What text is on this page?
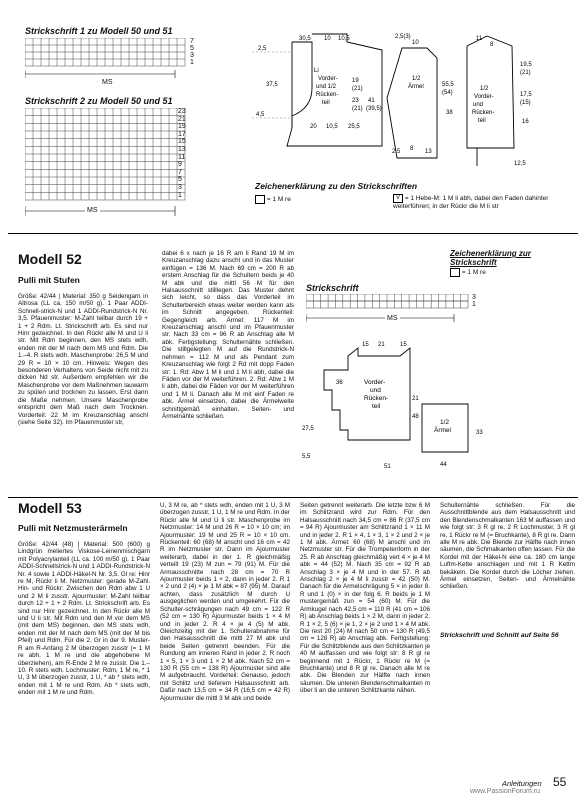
Strickschrift 1 zu Modell 50 und 51
7
5
3
1
MS
Strickschrift 2 zu Modell 50 und 51
23
21
19
17
15
13
11
9
7
5
3
1
MS
30,5 10 10,5
2,5
37,5
4,5
20 10,5 25,5
19
(21)
23
(21)
41
(39,5)
2,5(3)
10
55,5
(54)
2,5 8 13
8
11
19,5
(21)
17,5
(15)
38
16
12,5
Li
Vorder-
und 1/2
Rücken-
teil
1/2
Ärmel	1/2
Vorder-
und
Rücken-
teil
Zeichenerklärung zu den Strickschriften
= 1 M re	V = 1 Hebe-M: 1 M li abh, dabei den Faden dahinter weiterführen; in der Rückr die M li str
Modell 52
Pulli mit Stufen
Größe: 42/44 | Material: 350 g Seidengarn in Altrosa (LL ca. 150 m/50 g). 1 Paar ADDI-Schnell-strick-N und 1 ADDI-Rundstrick-N Nr. 3,5. Pfauenmuster: M-Zahl teilbar durch 19 + 1 + 2 Rdm. Lt. Strickschrift arb. Es sind nur Hinr gezeichnet. In den Rückr alle M und U li str. Mit Rdm beginnen, den MS stets wdh, enden mit der M nach dem MS und Rdm. Die 1.–4. R stets wdh. Maschenprobe: 26,5 M und 29 R = 10 × 10 cm. Hinweis: Wegen des besonderen Verhaltens von Seide nicht mit zu dicken Nd str. Außerdem empfehlen wir die Maschenprobe vor dem Maßnehmen lauwarm zu spülen und trocknen zu lassen. Erst dann die Maße nehmen. Unsere Maschenprobe entspricht dem Maß nach dem Trocknen. Vorderteil: 22 M im Kreuzanschlag anschl (siehe Seite 32). Im Pfauenmuster str,
dabei 6 x nach je 16 R am li Rand 19 M im Kreuzanschlag dazu anschl und in das Muster einfügen = 136 M. Nach 69 cm = 200 R ab erstem Anschlag für die Schultern beids je 40 M abk und die mittl 56 M für den Halsausschnitt stilllegen. Das Muster dehnt sich leicht, so dass das Vorderteil im Schulterbereich etwas weiter werden kann als im Schnitt angegeben. Rückenteil: Gegengleich arb. Ärmel: 117 M im Kreuzanschlag anschl und im Pfauenmuster str. Nach 33 cm = 96 R ab Anschlag alle M abk. Fertigstellung: Schulternähte schließen. Die stillgelegten M auf die Rundstrick-N nehmen = 112 M und als Pendant zum Kreuzanschlag wie folgt 2 Rd mit dopp Faden str: 1. Rd: Abw 1 M li und 1 M li abh, dabei die Fäden vor der M weiterführen. 2. Rd: Abw 1 M li abh, dabei die Fäden vor der M weiterführen und 1 M li. Danach alle M mit einf Faden re abk. Ärmel einsetzen, dabei die Ärmelweite schnittgemäß einhalten. Seiten- und Ärmelnähte schließen.
Zeichenerklärung zur Strickschrift
= 1 M re
Strickschrift
3
1
MS
15 21	15
36
27,5
5,5
21
48
51
33
44
Vorder-
und
Rücken-
teil
1/2
Ärmel
Modell 53
Pulli mit Netzmusterärmeln
Größe: 42/44 (48) | Material: 500 (600) g Lindgrün meliertes Viskose-Leinenmischgarn mit Polyacrylanteil (LL ca. 100 m/50 g). 1 Paar ADDI-Schnellstrick-N und 1 ADDI-Rundstrick-N Nr. 4 sowie 1 ADDI-Häkel-N Nr. 3,5. Gl re: Hinr re M, Rückr li M. Netzmuster: gerade M-Zahl. Hin- und Rückr: Zwischen den Rdm abw 1 U und 2 M li zusstr. Ajourmuster: M-Zahl teilbar durch 12 + 1 + 2 Rdm. Lt. Strickschrift arb. Es sind nur Hinr gezeichnet. In den Rückr alle M und U li str. Mit Rdm und den M vor dem MS (mit dem MS) beginnen, den MS stets wdh, enden mit der M nach dem MS (mit der M bis Pfeil) und Rdm. Für die 2. Gr in der 9. Muster-R am R-Anfang 2 M überzogen zusstr (= 1 M re abh, 1 M re und die abgehobene M überziehen), am R-Ende 2 M re zusstr. Die 1.–10. R stets wdh. Lochmuster: Rdm, 1 M re, * 1 U, 3 M überzogen zusstr, 1 U, * ab * stets wdh, enden mit 1 M re und Rdm. Ab * stets wdh, enden mit 1 M re und Rdm.
U, 3 M re, ab * stets wdh, enden mit 1 U, 3 M überzogen zusstr, 1 U, 1 M re und Rdm. In der Rückr alle M und U li str. Maschenprobe im Netzmuster: 14 M und 26 R = 10 × 10 cm; im Ajourmuster: 19 M und 25 R = 10 × 10 cm. Rückenteil: 60 (68) M anschl und 16 cm = 42 R im Netzmuster str. Dann im Ajourmuster weiterarb, dabei in der 1. R gleichmäßig verteilt 19 (23) M zun = 79 (91) M. Für die Armausschnitte nach 28 cm = 70 R Ajourmuster beids 1 × 2, dann in jeder 2. R 1 × 2 und 2 (4) × je 1 M abk = 87 (95) M. Darauf achten, dass zusätzlich M durch U ausgeglichen werden und umgekehrt. Für die Schulter-schrägungen nach 49 cm = 122 R (52 cm = 130 R) Ajourmuster beids 1 × 4 M und in jeder 2. R 4 × je 4 (5) M abk. Gleichzeitig mit der 1. Schulterabnahme für den Halsausschnitt die mittl 27 M abk und beide Seiten getrennt beenden. Für die Rundung am inneren Rand in jeder 2. R noch 1 × 5, 1 × 3 und 1 × 2 M abk. Nach 52 cm = 130 R (55 cm = 138 R) Ajourmuster sind alle M aufgebraucht. Vorderteil: Genauso, jedoch mit Schlitz und tieferem Halsausschnitt arb. Dafür nach 13,5 cm = 34 R (16,5 cm = 42 R) Ajourmuster die mittl 3 M abk und beide
Seiten getrennt weiterarb. Die letzte bzw 6 M im Schlitzrand wird zur Rdm. Für den Halsausschnitt nach 34,5 cm = 86 R (37,5 cm = 94 R) Ajourmuster am Schlitzrand 1 × 11 M und in jeder 2. R 1 × 4, 1 × 3, 1 × 2 und 2 × je 1 M abk. Ärmel: 60 (68) M anschl und im Netzmuster str. Für die Trompetenform in der 25. R ab Anschlag gleichmäßig vert 4 × je 4 M abk = 44 (52) M. Nach 35 cm = 92 R ab Anschlag 3 × je 4 M und in der 57. R ab Anschlag 2 × je 4 M li zusstr = 42 (50) M. Danach für die Armelschrägung 5 × in jeder 8. R und 1 (0) × in der folg 6. R beids je 1 M mustergemäß zun = 54 (60) M. Für die Armkugel nach 42,5 cm = 110 R (41 cm = 106 R) ab Anschlag beids 1 × 2 M, dann in jeder 2. R 1 × 2, 5 (6) × je 1, 2 × je 2 und 1 × 4 M abk. Die rest 20 (24) M nach 50 cm = 130 R (49,5 cm = 128 R) ab Anschlag abk. Fertigstellung: Für die Schlitzblende aus den Schlitzkanten je 40 M auffassen und wie folgt str: 8 R gl re beginnend mit 1 Rückr, 1 Rückr re M (= Bruchkante) und 8 R gl re. Danach alle M re abk. Die Blenden zur Hälfte nach innen säumen. Die unteren Blendenschmalkanten m über li an die unteren Schlitzkante nähen.
Schulternähte schließen. Für die Ausschnittblende aus dem Halsausschnitt und den Blendenschmalkanten 163 M auffassen und wie folgt str: 3 R gl re, 2 R Lochmuster, 3 R gl re, 1 Rückr re M (= Bruchkante), 8 R gl re. Dann alle M re abk. Die Blende zur Hälfte nach innen säumen, die Schmalkanten offen lassen. Für die Kordel mit der Häkel-N eine ca. 180 cm lange Luftm-Kette anschlagen und mit 1 R Kettm bekäkeln. Die Kordel durch die Löcher ziehen. Ärmel einsetzen, Seiten- und Ärmelnähte schließen.
Strickschrift und Schnitt auf Seite 56
Anleitungen 55
www.PassionForum.ru
